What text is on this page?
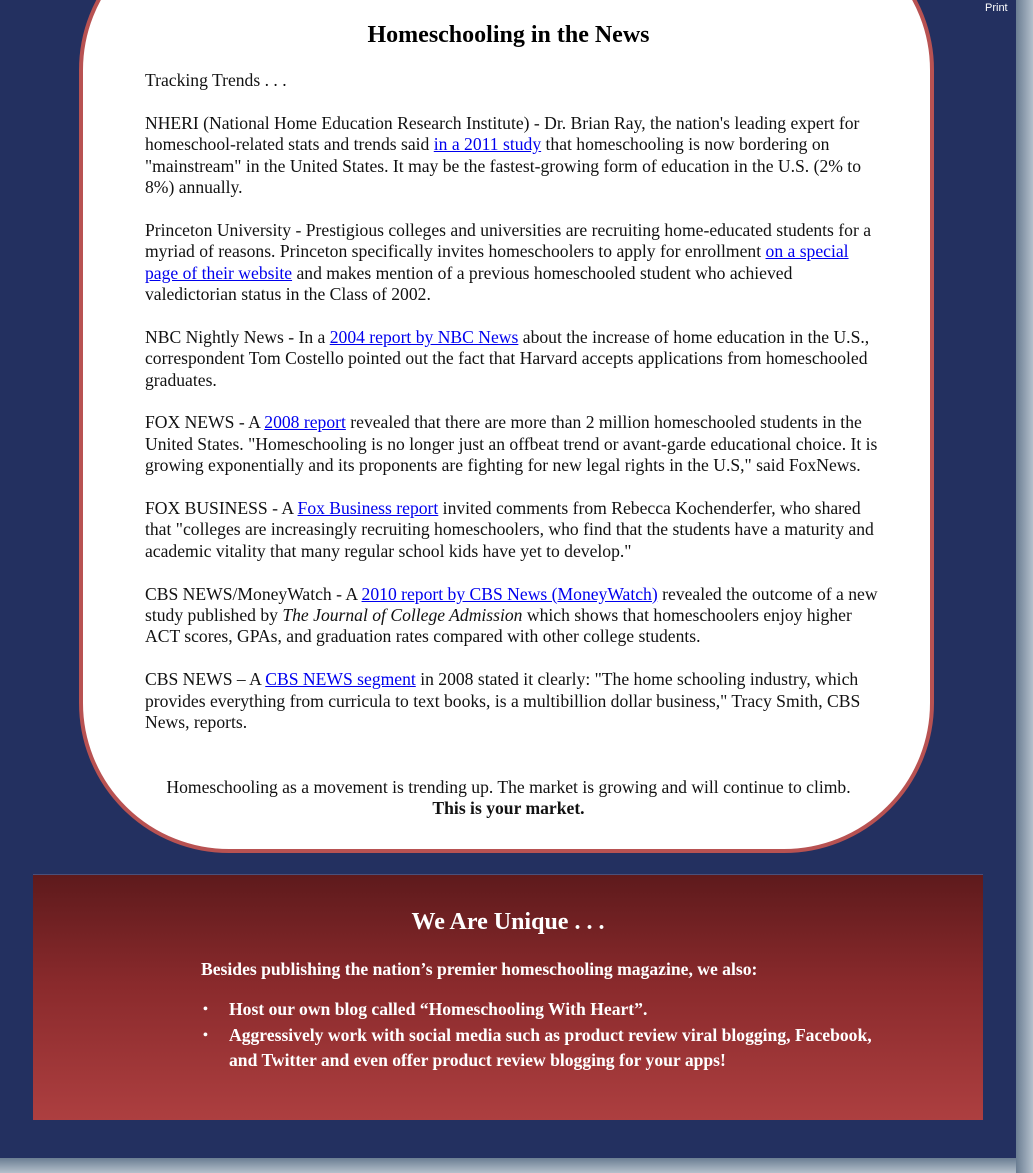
Print
Homeschooling in the News

Tracking Trends . . .

NHERI (National Home Education Research Institute) - Dr. Brian Ray, the nation's leading expert for homeschool-related stats and trends said in a 2011 study that homeschooling is now bordering on "mainstream" in the United States. It may be the fastest-growing form of education in the U.S. (2% to 8%) annually.

Princeton University - Prestigious colleges and universities are recruiting home-educated students for a myriad of reasons. Princeton specifically invites homeschoolers to apply for enrollment on a special page of their website and makes mention of a previous homeschooled student who achieved valedictorian status in the Class of 2002.

NBC Nightly News - In a 2004 report by NBC News about the increase of home education in the U.S., correspondent Tom Costello pointed out the fact that Harvard accepts applications from homeschooled graduates.

FOX NEWS - A 2008 report revealed that there are more than 2 million homeschooled students in the United States. "Homeschooling is no longer just an offbeat trend or avant-garde educational choice. It is growing exponentially and its proponents are fighting for new legal rights in the U.S," said FoxNews.

FOX BUSINESS - A Fox Business report invited comments from Rebecca Kochenderfer, who shared that "colleges are increasingly recruiting homeschoolers, who find that the students have a maturity and academic vitality that many regular school kids have yet to develop."

CBS NEWS/MoneyWatch - A 2010 report by CBS News (MoneyWatch) revealed the outcome of a new study published by The Journal of College Admission which shows that homeschoolers enjoy higher ACT scores, GPAs, and graduation rates compared with other college students.

CBS NEWS – A CBS NEWS segment in 2008 stated it clearly: "The home schooling industry, which provides everything from curricula to text books, is a multibillion dollar business," Tracy Smith, CBS News, reports.

Homeschooling as a movement is trending up. The market is growing and will continue to climb.
This is your market.
We Are Unique . . .

Besides publishing the nation’s premier homeschooling magazine, we also:

• Host our own blog called “Homeschooling With Heart”.
• Aggressively work with social media such as product review viral blogging, Facebook, and Twitter and even offer product review blogging for your apps!
